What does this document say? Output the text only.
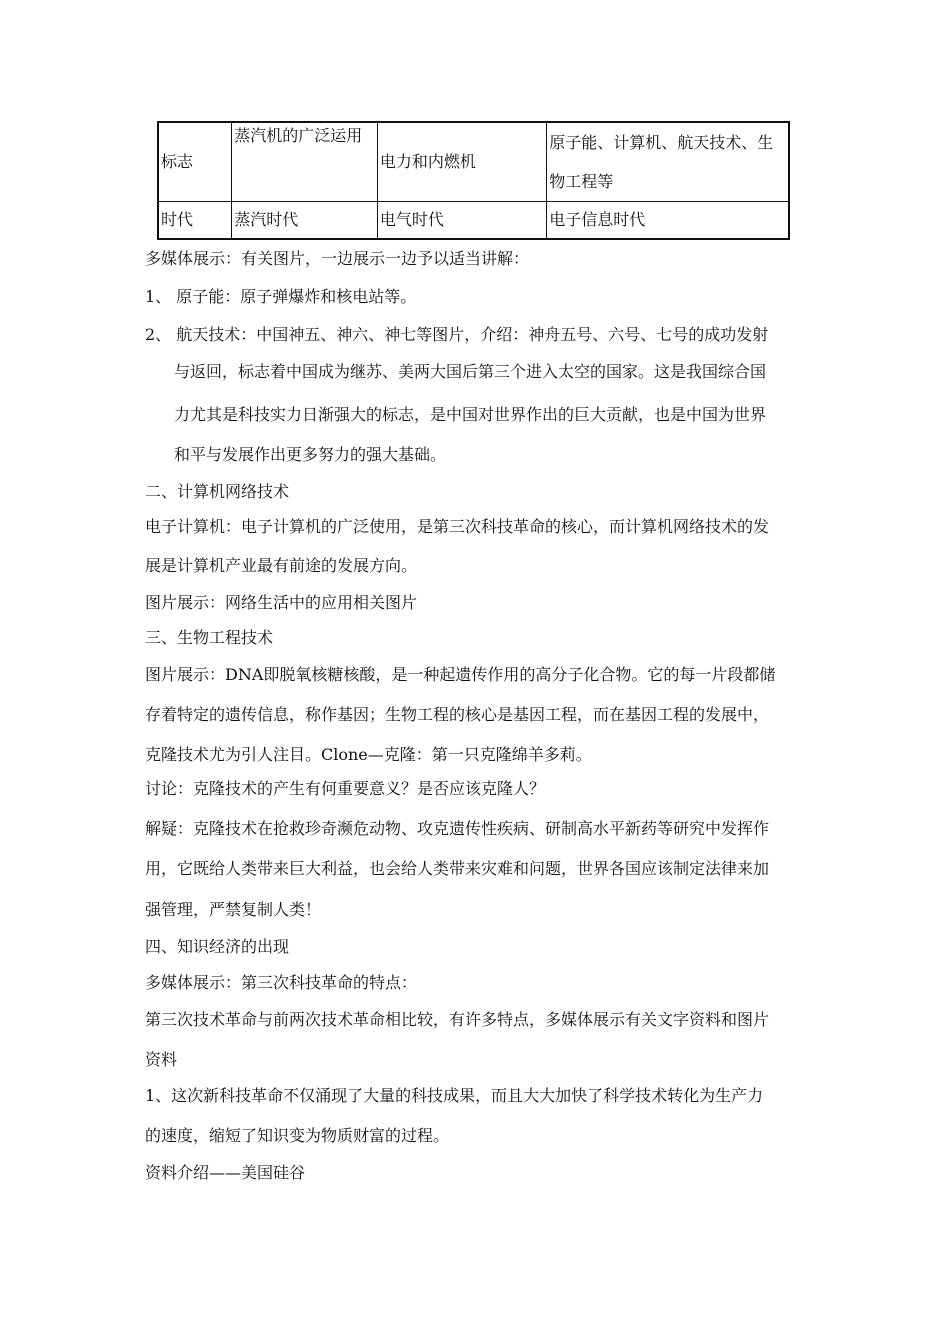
标志	蒸汽机的广泛运用	电力和内燃机	原子能、计算机、航天技术、生物工程等
时代	蒸汽时代	电气时代	电子信息时代
多媒体展示：有关图片，一边展示一边予以适当讲解：
1、 原子能：原子弹爆炸和核电站等。
2、 航天技术：中国神五、神六、神七等图片，介绍：神舟五号、六号、七号的成功发射
与返回，标志着中国成为继苏、美两大国后第三个进入太空的国家。这是我国综合国
力尤其是科技实力日渐强大的标志，是中国对世界作出的巨大贡献，也是中国为世界
和平与发展作出更多努力的强大基础。
二、计算机网络技术
电子计算机：电子计算机的广泛使用，是第三次科技革命的核心，而计算机网络技术的发
展是计算机产业最有前途的发展方向。
图片展示：网络生活中的应用相关图片
三、生物工程技术
图片展示：DNA即脱氧核糖核酸，是一种起遗传作用的高分子化合物。它的每一片段都储
存着特定的遗传信息，称作基因；生物工程的核心是基因工程，而在基因工程的发展中，
克隆技术尤为引人注目。Clone—克隆：第一只克隆绵羊多莉。
讨论：克隆技术的产生有何重要意义？是否应该克隆人？
解疑：克隆技术在抢救珍奇濒危动物、攻克遗传性疾病、研制高水平新药等研究中发挥作
用，它既给人类带来巨大利益，也会给人类带来灾难和问题，世界各国应该制定法律来加
强管理，严禁复制人类！
四、知识经济的出现
多媒体展示：第三次科技革命的特点：
第三次技术革命与前两次技术革命相比较，有许多特点，多媒体展示有关文字资料和图片
资料
1、这次新科技革命不仅涌现了大量的科技成果，而且大大加快了科学技术转化为生产力
的速度，缩短了知识变为物质财富的过程。
资料介绍——美国硅谷
